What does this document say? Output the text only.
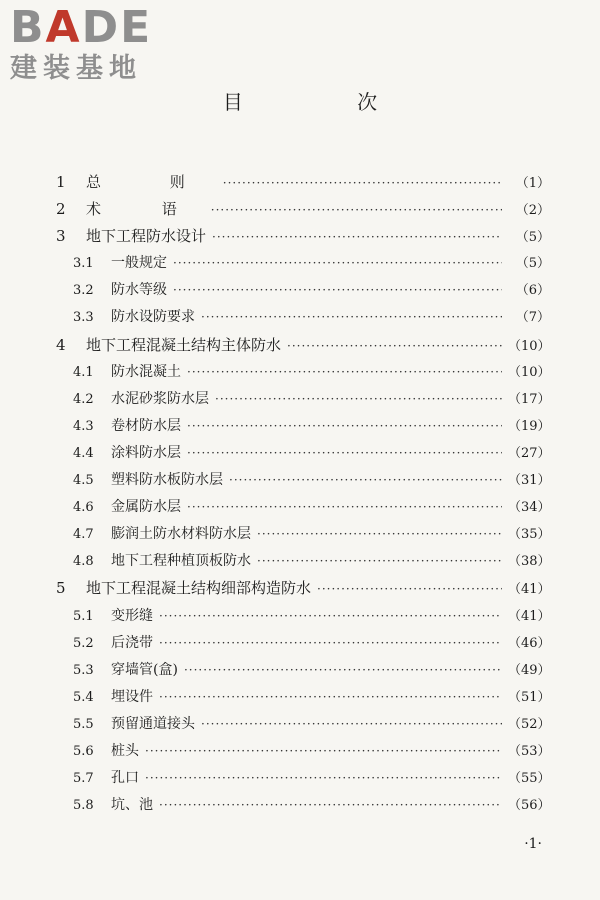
BADE
建装基地
目 次
1	总 则 ·····	（1）
2	术 语 ·····	（2）
3	地下工程防水设计 ·····	（5）
3.1	一般规定 ·····	（5）
3.2	防水等级 ·····	（6）
3.3	防水设防要求 ·····	（7）
4	地下工程混凝土结构主体防水 ·····	（10）
4.1	防水混凝土 ·····	（10）
4.2	水泥砂浆防水层 ·····	（17）
4.3	卷材防水层 ·····	（19）
4.4	涂料防水层 ·····	（27）
4.5	塑料防水板防水层 ·····	（31）
4.6	金属防水层 ·····	（34）
4.7	膨润土防水材料防水层 ·····	（35）
4.8	地下工程种植顶板防水 ·····	（38）
5	地下工程混凝土结构细部构造防水 ·····	（41）
5.1	变形缝 ·····	（41）
5.2	后浇带 ·····	（46）
5.3	穿墙管(盒) ·····	（49）
5.4	埋设件 ·····	（51）
5.5	预留通道接头 ·····	（52）
5.6	桩头 ·····	（53）
5.7	孔口 ·····	（55）
5.8	坑、池 ·····	（56）
·1·
